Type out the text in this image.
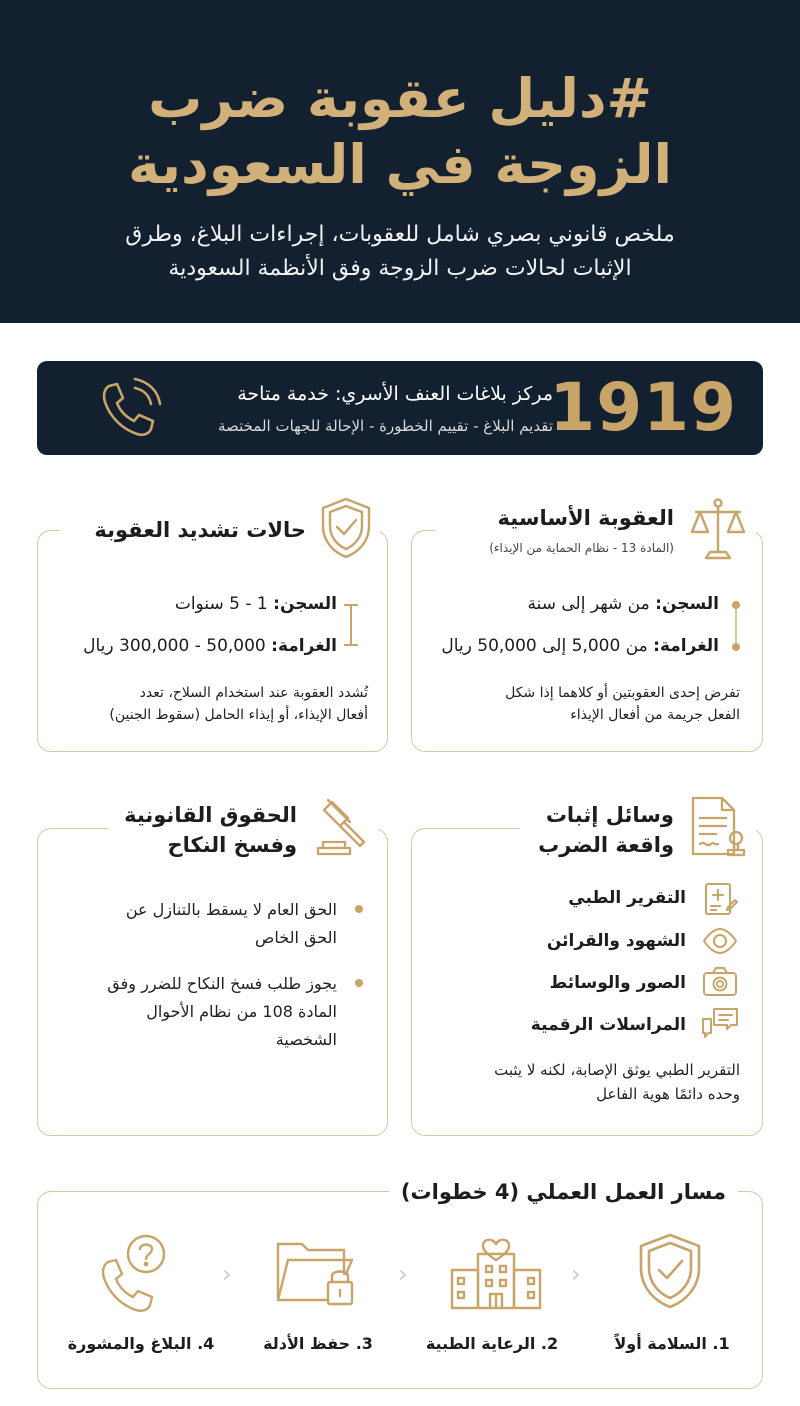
#دليل عقوبة ضرب
الزوجة في السعودية
ملخص قانوني بصري شامل للعقوبات، إجراءات البلاغ، وطرق
الإثبات لحالات ضرب الزوجة وفق الأنظمة السعودية
1919
مركز بلاغات العنف الأسري: خدمة متاحة
تقديم البلاغ - تقييم الخطورة - الإحالة للجهات المختصة
العقوبة الأساسية
(المادة 13 - نظام الحماية من الإيذاء)
السجن: من شهر إلى سنة
الغرامة: من 5,000 إلى 50,000 ريال
تفرض إحدى العقوبتين أو كلاهما إذا شكل
الفعل جريمة من أفعال الإيذاء
حالات تشديد العقوبة
السجن: 1 - 5 سنوات
الغرامة: 50,000 - 300,000 ريال
تُشدد العقوبة عند استخدام السلاح، تعدد
أفعال الإيذاء، أو إيذاء الحامل (سقوط الجنين)
وسائل إثبات
واقعة الضرب
التقرير الطبي
الشهود والقرائن
الصور والوسائط
المراسلات الرقمية
التقرير الطبي يوثق الإصابة، لكنه لا يثبت
وحده دائمًا هوية الفاعل
الحقوق القانونية
وفسخ النكاح
الحق العام لا يسقط بالتنازل عن
الحق الخاص
يجوز طلب فسخ النكاح للضرر وفق
المادة 108 من نظام الأحوال
الشخصية
مسار العمل العملي (4 خطوات)
1. السلامة أولاً
‹
2. الرعاية الطبية
‹
3. حفظ الأدلة
‹
4. البلاغ والمشورة
